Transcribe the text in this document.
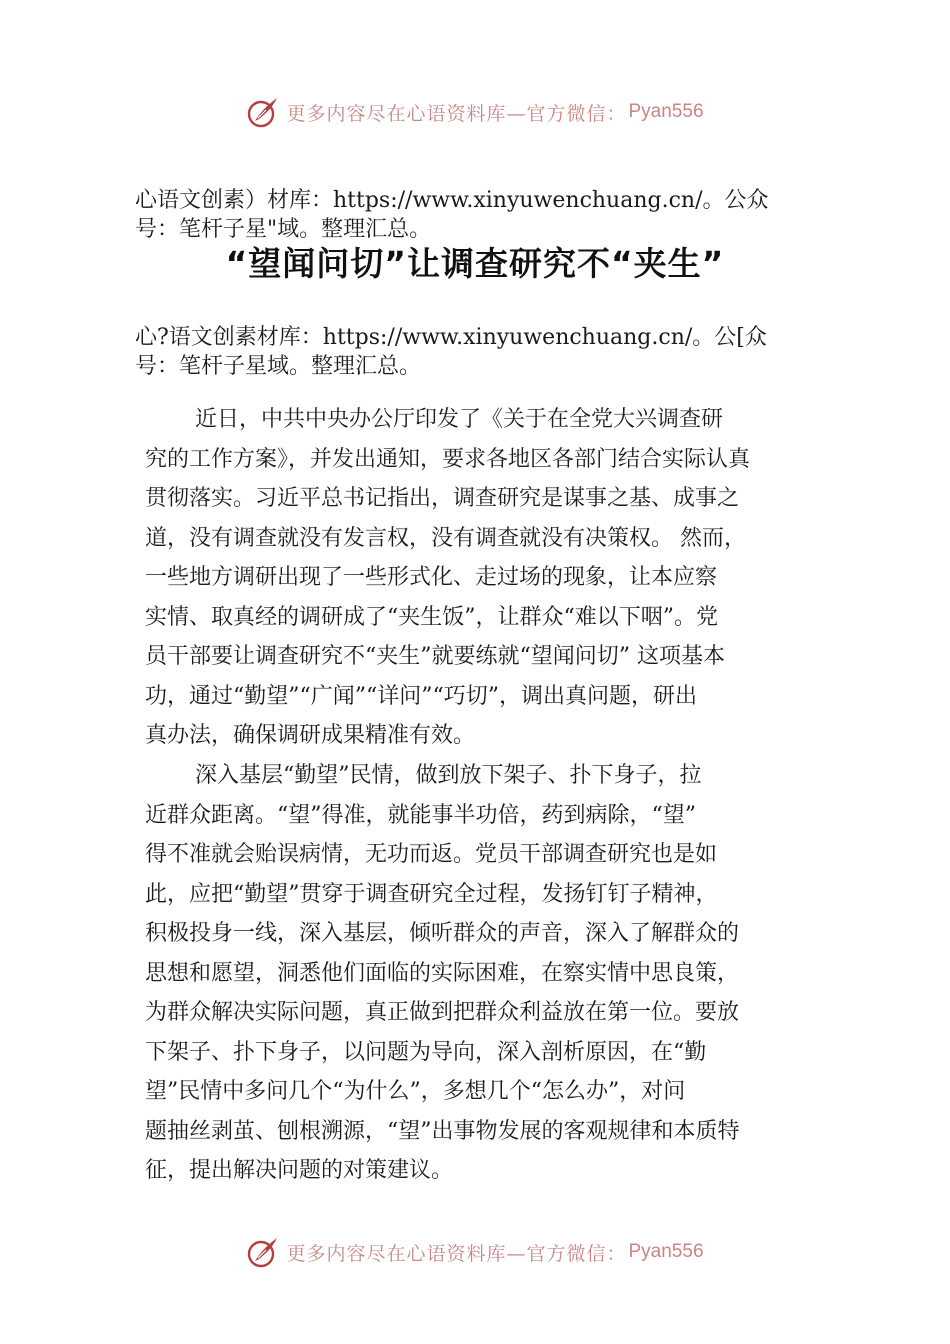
更多内容尽在心语资料库—官方微信： Pyan556
心语文创素）材库：https://www.xinyuwenchuang.cn/。公众
号：笔杆子星"域。整理汇总。
“望闻问切”让调查研究不“夹生”
心?语文创素材库：https://www.xinyuwenchuang.cn/。公[众
号：笔杆子星域。整理汇总。
近日，中共中央办公厅印发了《关于在全党大兴调查研
究的工作方案》，并发出通知，要求各地区各部门结合实际认真
贯彻落实。习近平总书记指出，调查研究是谋事之基、成事之
道，没有调查就没有发言权，没有调查就没有决策权。 然而，
一些地方调研出现了一些形式化、走过场的现象，让本应察
实情、取真经的调研成了“夹生饭”，让群众“难以下咽”。党
员干部要让调查研究不“夹生”就要练就“望闻问切” 这项基本
功，通过“勤望”“广闻”“详问”“巧切”，调出真问题，研出
真办法，确保调研成果精准有效。
深入基层“勤望”民情，做到放下架子、扑下身子，拉
近群众距离。“望”得准，就能事半功倍，药到病除，“望”
得不准就会贻误病情，无功而返。党员干部调查研究也是如
此，应把“勤望”贯穿于调查研究全过程，发扬钉钉子精神，
积极投身一线，深入基层，倾听群众的声音，深入了解群众的
思想和愿望，洞悉他们面临的实际困难，在察实情中思良策，
为群众解决实际问题，真正做到把群众利益放在第一位。要放
下架子、扑下身子，以问题为导向，深入剖析原因，在“勤
望”民情中多问几个“为什么”，多想几个“怎么办”，对问
题抽丝剥茧、刨根溯源，“望”出事物发展的客观规律和本质特
征，提出解决问题的对策建议。
更多内容尽在心语资料库—官方微信： Pyan556
